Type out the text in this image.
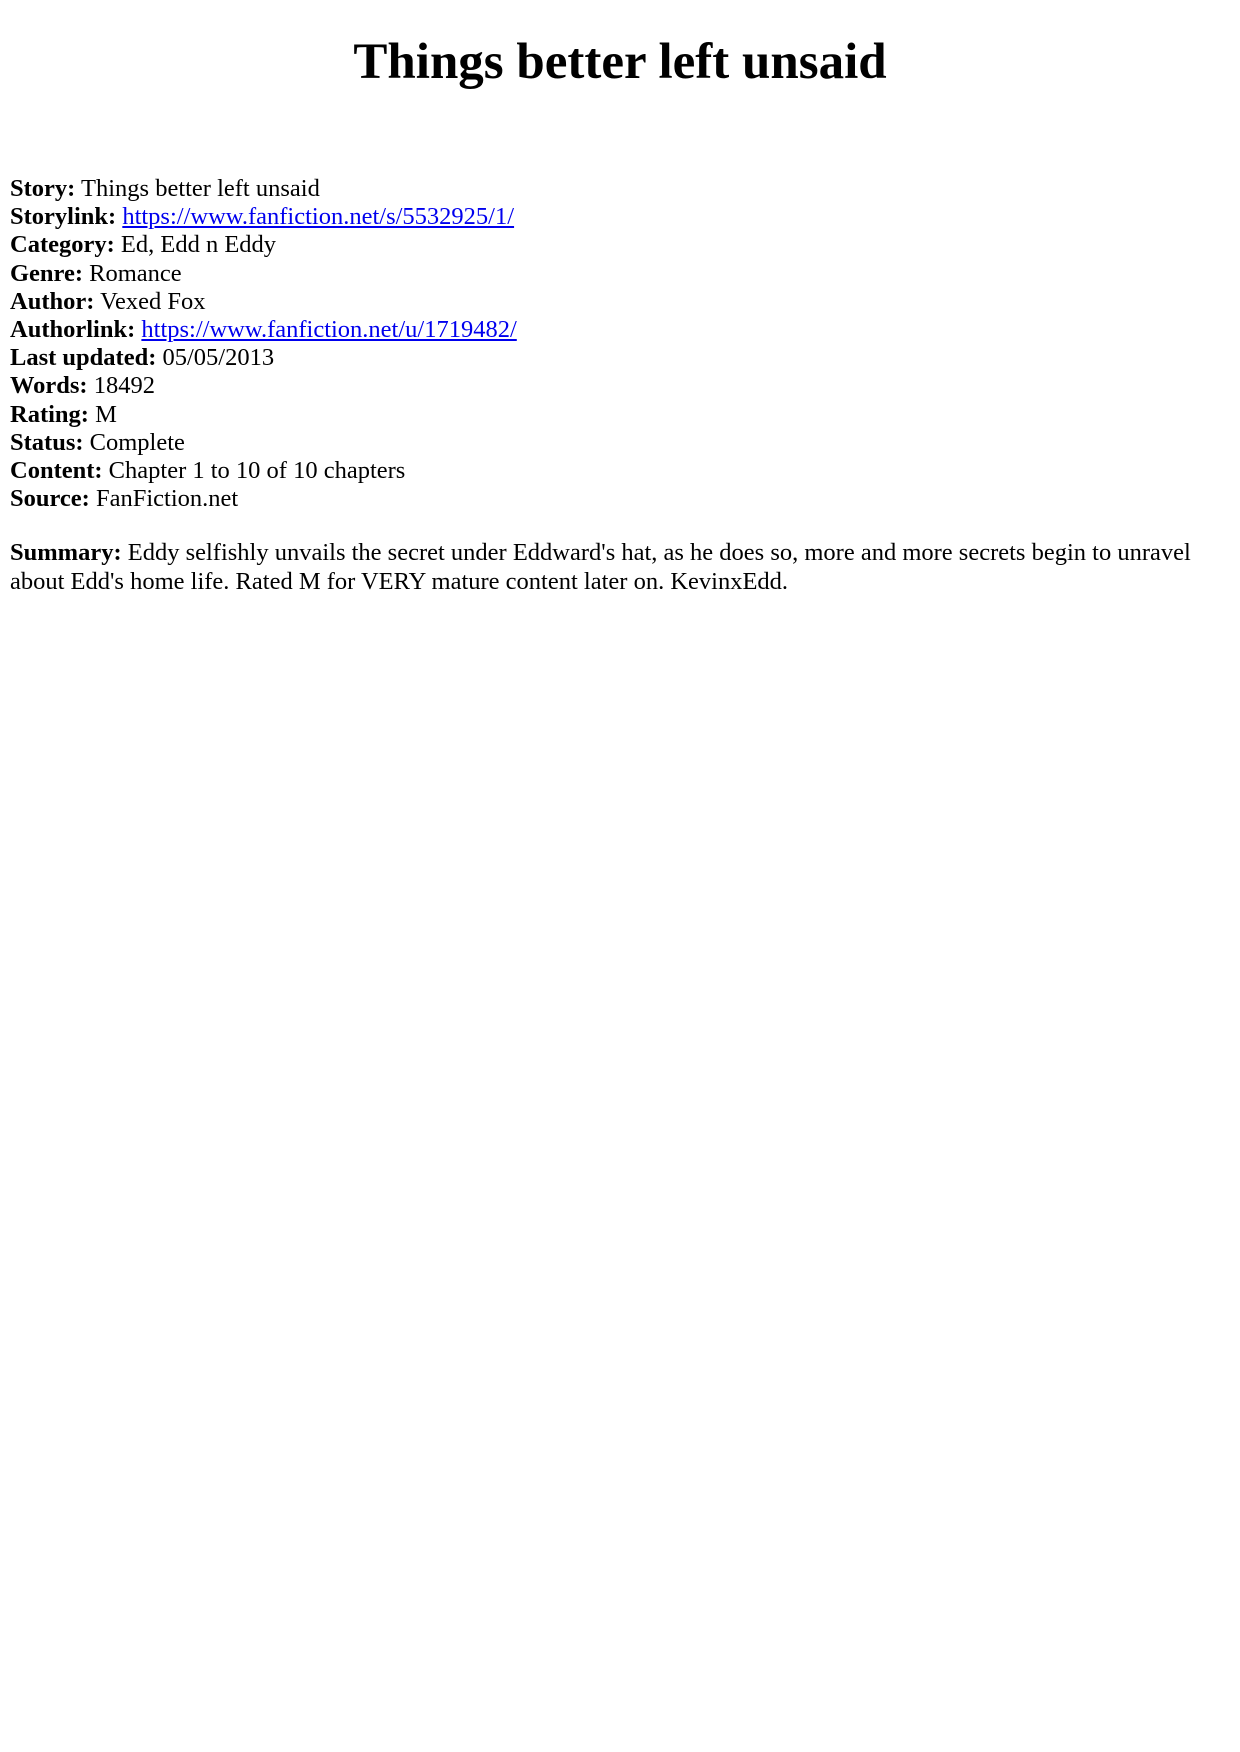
Things better left unsaid
Story: Things better left unsaid
Storylink: https://www.fanfiction.net/s/5532925/1/
Category: Ed, Edd n Eddy
Genre: Romance
Author: Vexed Fox
Authorlink: https://www.fanfiction.net/u/1719482/
Last updated: 05/05/2013
Words: 18492
Rating: M
Status: Complete
Content: Chapter 1 to 10 of 10 chapters
Source: FanFiction.net
Summary: Eddy selfishly unvails the secret under Eddward's hat, as he does so, more and more secrets begin to unravel about Edd's home life. Rated M for VERY mature content later on. KevinxEdd.
